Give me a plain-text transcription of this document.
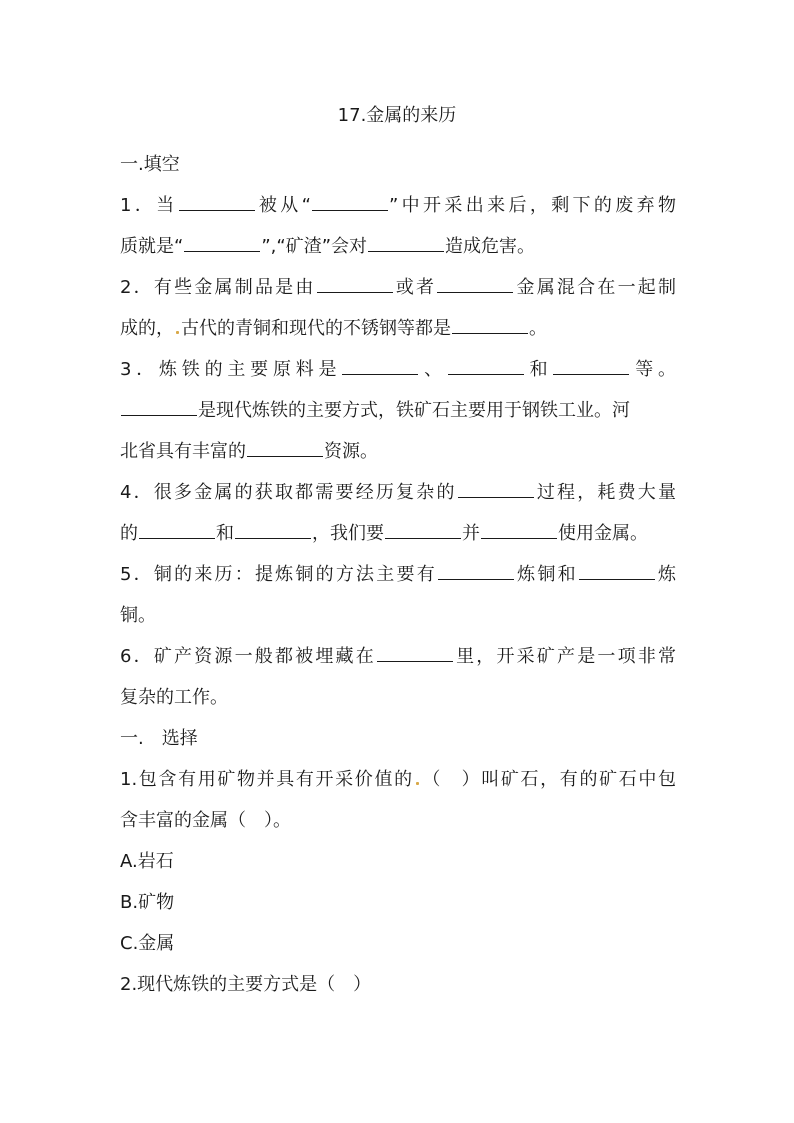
17.金属的来历
一.填空
1．当	被从“	”中开采出来后，剩下的废弃物
质就是“	”,“矿渣”会对	造成危害。
2．有些金属制品是由	或者	金属混合在一起制
成的， 古代的青铜和现代的不锈钢等都是	。
3．炼铁的主要原料是	、	和	等。
是现代炼铁的主要方式，铁矿石主要用于钢铁工业。河
北省具有丰富的	资源。
4．很多金属的获取都需要经历复杂的	过程，耗费大量
的	和	，我们要	并	使用金属。
5．铜的来历：提炼铜的方法主要有	炼铜和	炼
铜。
6．矿产资源一般都被埋藏在	里，开采矿产是一项非常
复杂的工作。
一.　选择
1.包含有用矿物并具有开采价值的 （　）叫矿石，有的矿石中包
含丰富的金属（　）。
A.岩石
B.矿物
C.金属
2.现代炼铁的主要方式是（　）
